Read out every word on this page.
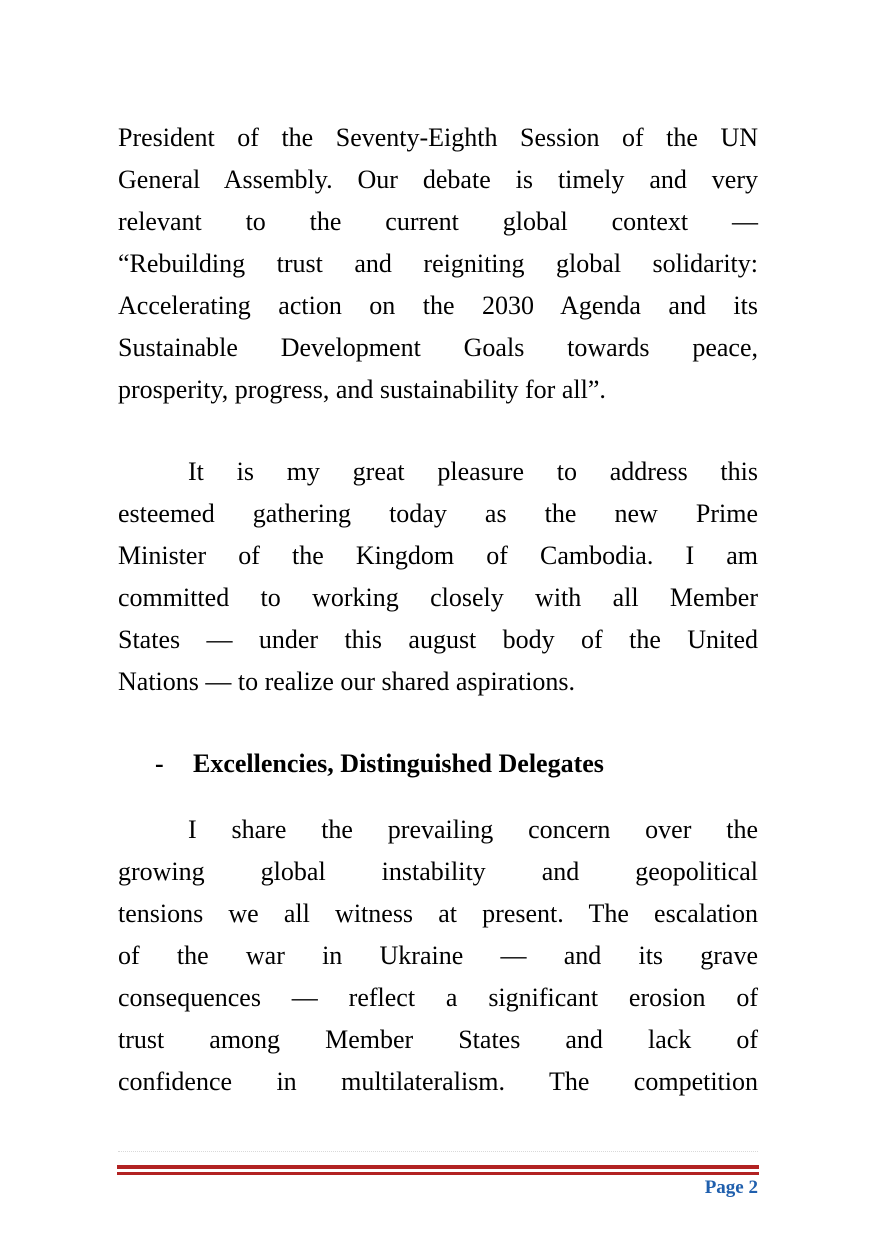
President of the Seventy-Eighth Session of the UN
General Assembly. Our debate is timely and very
relevant to the current global context —
“Rebuilding trust and reigniting global solidarity:
Accelerating action on the 2030 Agenda and its
Sustainable Development Goals towards peace,
prosperity, progress, and sustainability for all”.
It is my great pleasure to address this
esteemed gathering today as the new Prime
Minister of the Kingdom of Cambodia. I am
committed to working closely with all Member
States — under this august body of the United
Nations — to realize our shared aspirations.
- Excellencies, Distinguished Delegates
I share the prevailing concern over the
growing global instability and geopolitical
tensions we all witness at present. The escalation
of the war in Ukraine — and its grave
consequences — reflect a significant erosion of
trust among Member States and lack of
confidence in multilateralism. The competition
Page 2
